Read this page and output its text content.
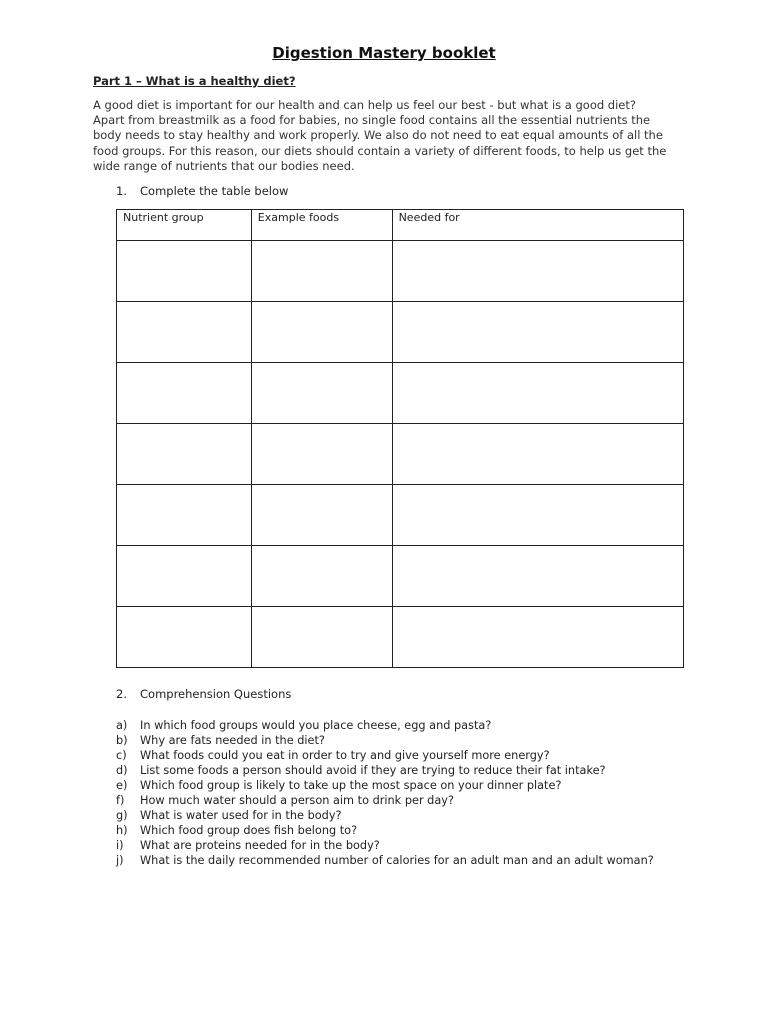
Digestion Mastery booklet
Part 1 – What is a healthy diet?

A good diet is important for our health and can help us feel our best - but what is a good diet?
Apart from breastmilk as a food for babies, no single food contains all the essential nutrients the
body needs to stay healthy and work properly. We also do not need to eat equal amounts of all the
food groups. For this reason, our diets should contain a variety of different foods, to help us get the
wide range of nutrients that our bodies need.

1. Complete the table below

Nutrient group	Example foods	Needed for

2. Comprehension Questions

a) In which food groups would you place cheese, egg and pasta?
b) Why are fats needed in the diet?
c) What foods could you eat in order to try and give yourself more energy?
d) List some foods a person should avoid if they are trying to reduce their fat intake?
e) Which food group is likely to take up the most space on your dinner plate?
f) How much water should a person aim to drink per day?
g) What is water used for in the body?
h) Which food group does fish belong to?
i) What are proteins needed for in the body?
j) What is the daily recommended number of calories for an adult man and an adult woman?
